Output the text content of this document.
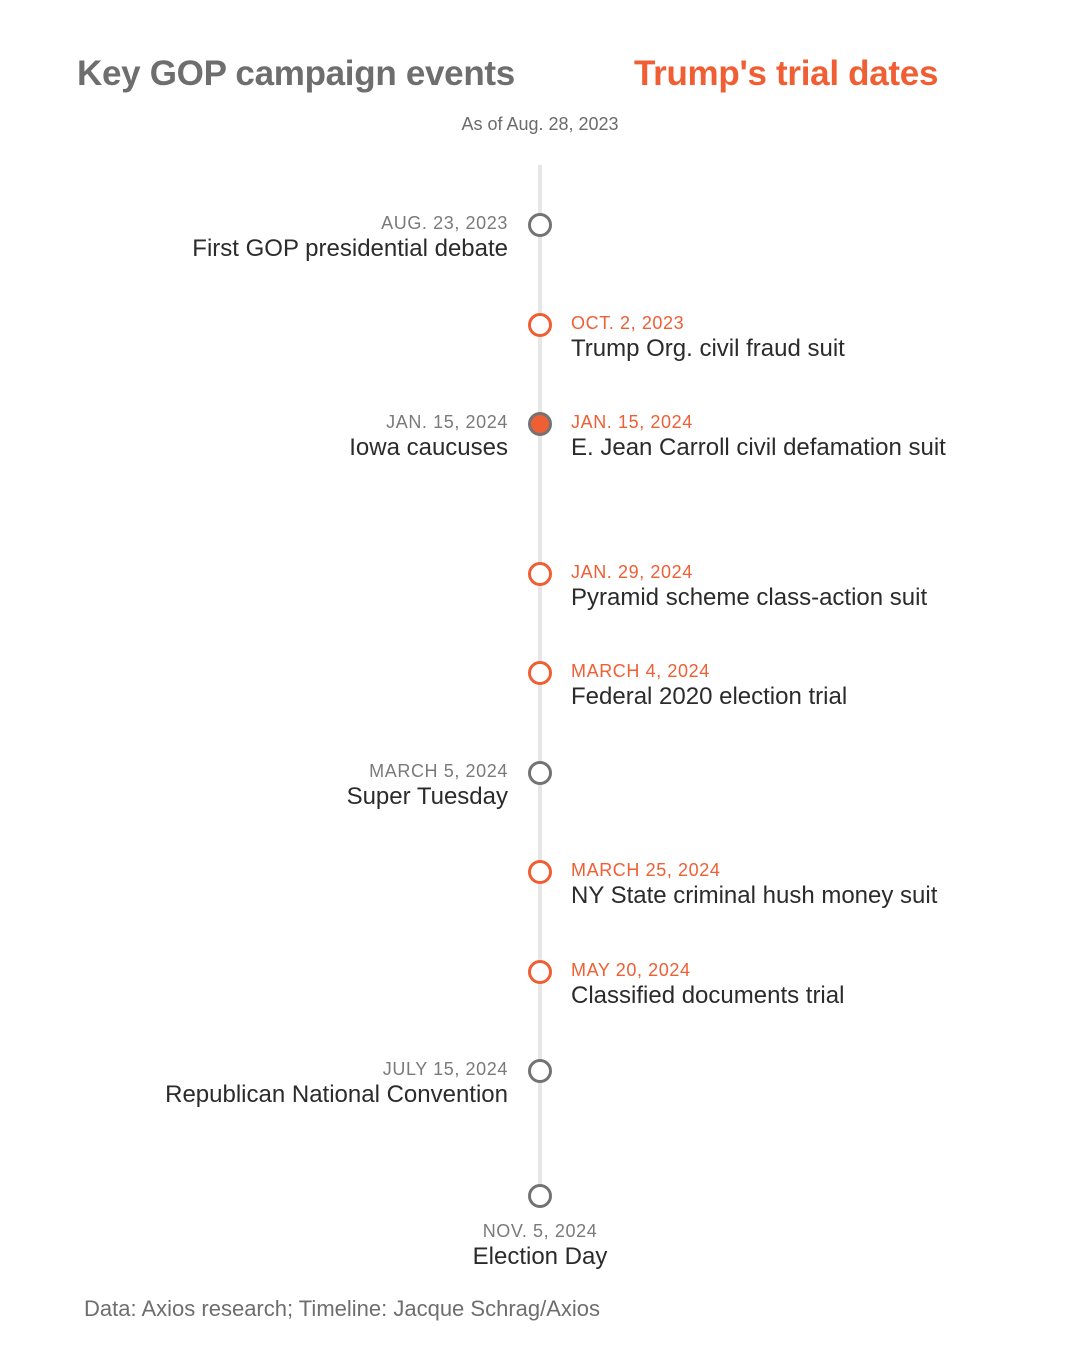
Key GOP campaign events	Trump's trial dates
As of Aug. 28, 2023
AUG. 23, 2023
First GOP presidential debate
OCT. 2, 2023
Trump Org. civil fraud suit
JAN. 15, 2024
Iowa caucuses
JAN. 15, 2024
E. Jean Carroll civil defamation suit
JAN. 29, 2024
Pyramid scheme class-action suit
MARCH 4, 2024
Federal 2020 election trial
MARCH 5, 2024
Super Tuesday
MARCH 25, 2024
NY State criminal hush money suit
MAY 20, 2024
Classified documents trial
JULY 15, 2024
Republican National Convention
NOV. 5, 2024
Election Day
Data: Axios research; Timeline: Jacque Schrag/Axios
